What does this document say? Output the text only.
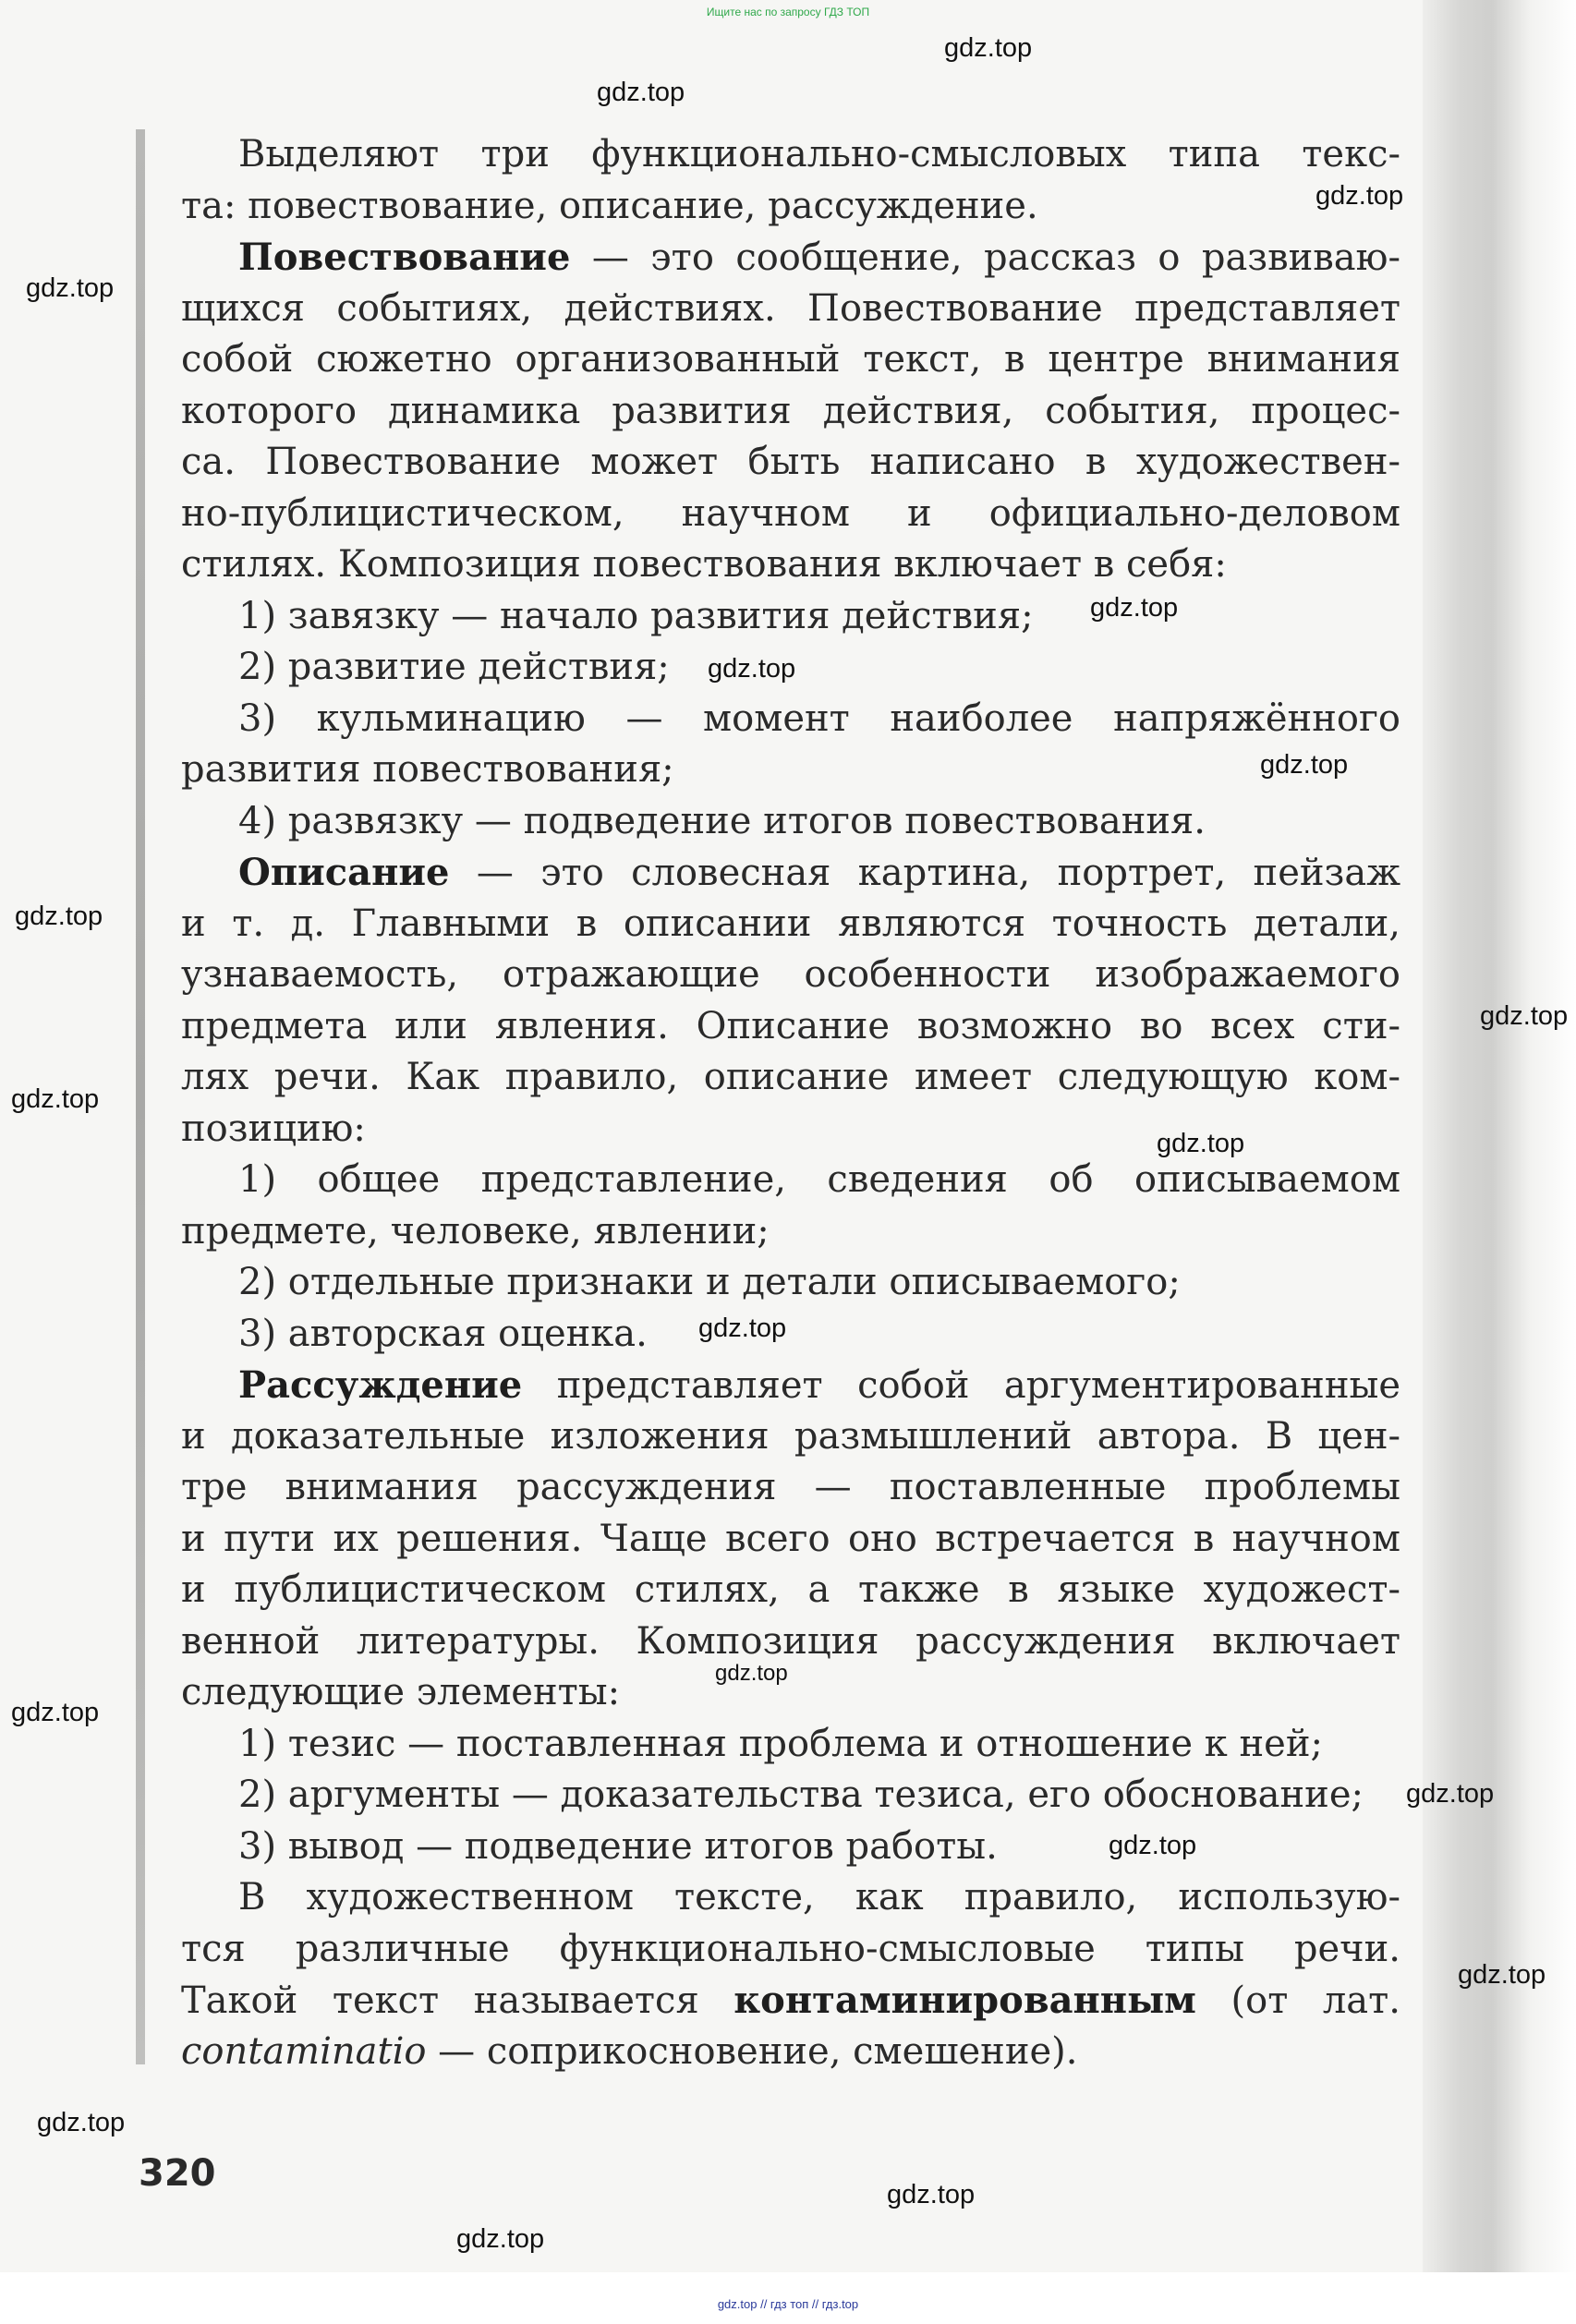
Ищите нас по запросу ГДЗ ТОП
Выделяют три функционально-смысловых типа текс-
та: повествование, описание, рассуждение.
Повествование — это сообщение, рассказ о развиваю-
щихся событиях, действиях. Повествование представляет
собой сюжетно организованный текст, в центре внимания
которого динамика развития действия, события, процес-
са. Повествование может быть написано в художествен-
но-публицистическом, научном и официально-деловом
стилях. Композиция повествования включает в себя:
1) завязку — начало развития действия;
2) развитие действия;
3) кульминацию — момент наиболее напряжённого
развития повествования;
4) развязку — подведение итогов повествования.
Описание — это словесная картина, портрет, пейзаж
и т. д. Главными в описании являются точность детали,
узнаваемость, отражающие особенности изображаемого
предмета или явления. Описание возможно во всех сти-
лях речи. Как правило, описание имеет следующую ком-
позицию:
1) общее представление, сведения об описываемом
предмете, человеке, явлении;
2) отдельные признаки и детали описываемого;
3) авторская оценка.
Рассуждение представляет собой аргументированные
и доказательные изложения размышлений автора. В цен-
тре внимания рассуждения — поставленные проблемы
и пути их решения. Чаще всего оно встречается в научном
и публицистическом стилях, а также в языке художест-
венной литературы. Композиция рассуждения включает
следующие элементы:
1) тезис — поставленная проблема и отношение к ней;
2) аргументы — доказательства тезиса, его обоснование;
3) вывод — подведение итогов работы.
В художественном тексте, как правило, использую-
тся различные функционально-смысловые типы речи.
Такой текст называется контаминированным (от лат.
contaminatio — соприкосновение, смешение).
320
gdz.top
gdz.top
gdz.top
gdz.top
gdz.top
gdz.top
gdz.top
gdz.top
gdz.top
gdz.top
gdz.top
gdz.top
gdz.top
gdz.top
gdz.top
gdz.top
gdz.top
gdz.top
gdz.top
gdz.top
gdz.top // гдз топ // гдз.top
